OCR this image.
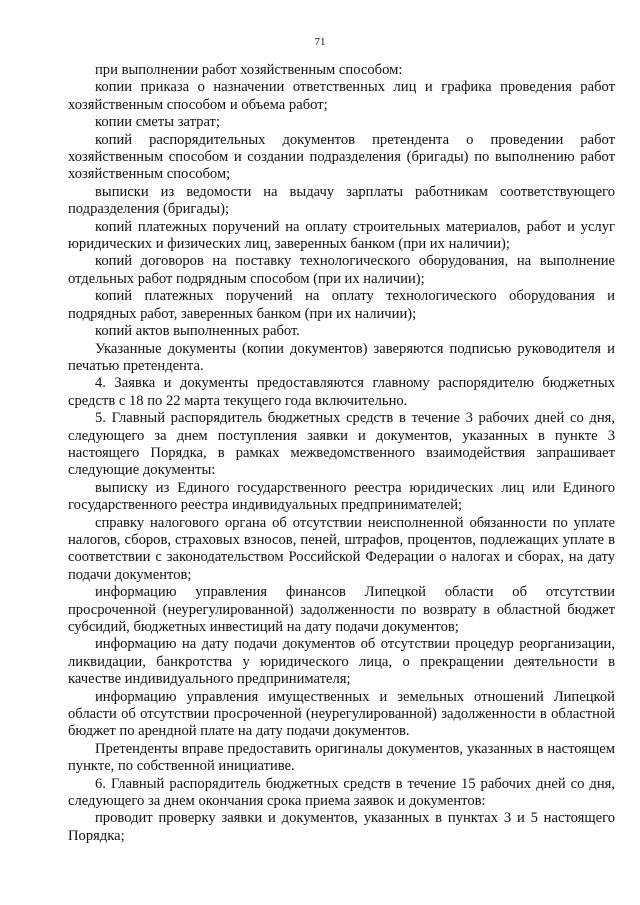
71

при выполнении работ хозяйственным способом:

копии приказа о назначении ответственных лиц и графика проведения работ хозяйственным способом и объема работ;

копии сметы затрат;

копий распорядительных документов претендента о проведении работ хозяйственным способом и создании подразделения (бригады) по выполнению работ хозяйственным способом;

выписки из ведомости на выдачу зарплаты работникам соответствующего подразделения (бригады);

копий платежных поручений на оплату строительных материалов, работ и услуг юридических и физических лиц, заверенных банком (при их наличии);

копий договоров на поставку технологического оборудования, на выполнение отдельных работ подрядным способом (при их наличии);

копий платежных поручений на оплату технологического оборудования и подрядных работ, заверенных банком (при их наличии);

копий актов выполненных работ.

Указанные документы (копии документов) заверяются подписью руководителя и печатью претендента.

4. Заявка и документы предоставляются главному распорядителю бюджетных средств с 18 по 22 марта текущего года включительно.

5. Главный распорядитель бюджетных средств в течение 3 рабочих дней со дня, следующего за днем поступления заявки и документов, указанных в пункте 3 настоящего Порядка, в рамках межведомственного взаимодействия запрашивает следующие документы:

выписку из Единого государственного реестра юридических лиц или Единого государственного реестра индивидуальных предпринимателей;

справку налогового органа об отсутствии неисполненной обязанности по уплате налогов, сборов, страховых взносов, пеней, штрафов, процентов, подлежащих уплате в соответствии с законодательством Российской Федерации о налогах и сборах, на дату подачи документов;

информацию управления финансов Липецкой области об отсутствии просроченной (неурегулированной) задолженности по возврату в областной бюджет субсидий, бюджетных инвестиций на дату подачи документов;

информацию на дату подачи документов об отсутствии процедур реорганизации, ликвидации, банкротства у юридического лица, о прекращении деятельности в качестве индивидуального предпринимателя;

информацию управления имущественных и земельных отношений Липецкой области об отсутствии просроченной (неурегулированной) задолженности в областной бюджет по арендной плате на дату подачи документов.

Претенденты вправе предоставить оригиналы документов, указанных в настоящем пункте, по собственной инициативе.

6. Главный распорядитель бюджетных средств в течение 15 рабочих дней со дня, следующего за днем окончания срока приема заявок и документов:

проводит проверку заявки и документов, указанных в пунктах 3 и 5 настоящего Порядка;
